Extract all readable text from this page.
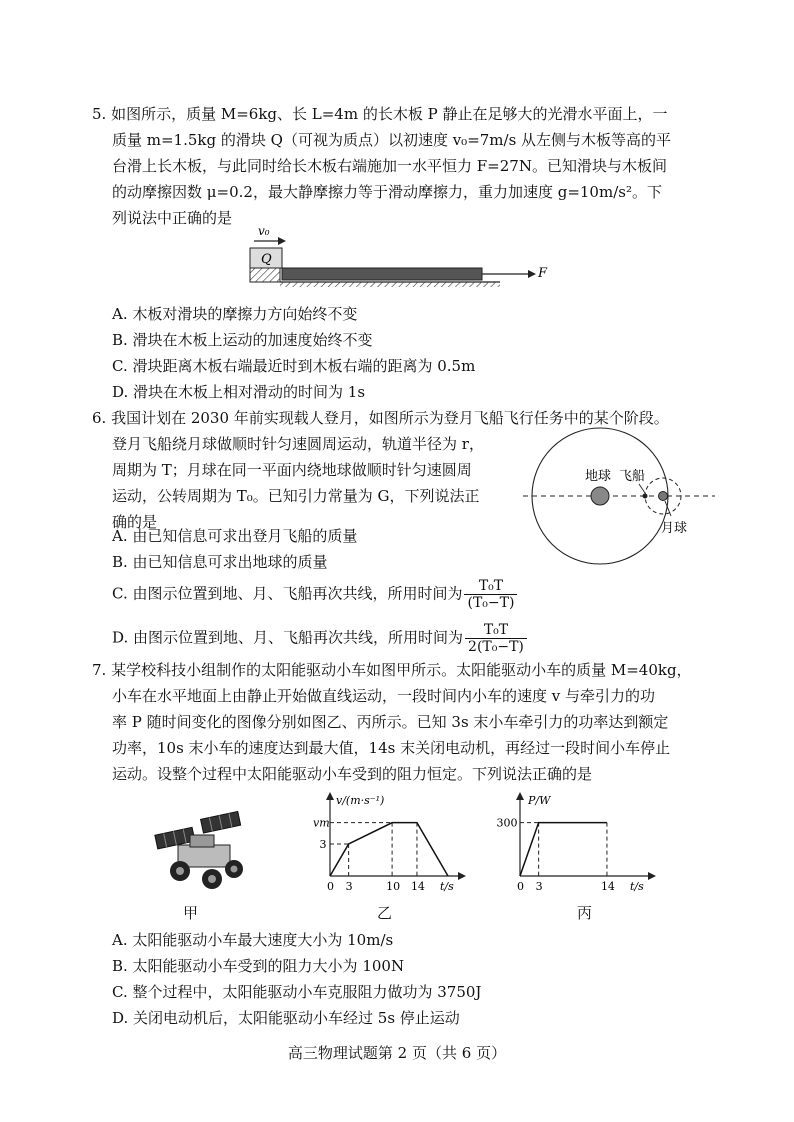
5. 如图所示，质量 M=6kg、长 L=4m 的长木板 P 静止在足够大的光滑水平面上，一
质量 m=1.5kg 的滑块 Q（可视为质点）以初速度 v₀=7m/s 从左侧与木板等高的平
台滑上长木板，与此同时给长木板右端施加一水平恒力 F=27N。已知滑块与木板间
的动摩擦因数 μ=0.2，最大静摩擦力等于滑动摩擦力，重力加速度 g=10m/s²。下
列说法中正确的是
Q
v₀
F
A. 木板对滑块的摩擦力方向始终不变
B. 滑块在木板上运动的加速度始终不变
C. 滑块距离木板右端最近时到木板右端的距离为 0.5m
D. 滑块在木板上相对滑动的时间为 1s
6. 我国计划在 2030 年前实现载人登月，如图所示为登月飞船飞行任务中的某个阶段。
登月飞船绕月球做顺时针匀速圆周运动，轨道半径为 r，
周期为 T；月球在同一平面内绕地球做顺时针匀速圆周
运动，公转周期为 T₀。已知引力常量为 G，下列说法正
确的是
地球 飞船
月球
A. 由已知信息可求出登月飞船的质量
B. 由已知信息可求出地球的质量
C. 由图示位置到地、月、飞船再次共线，所用时间为 $\frac{\text{T₀T}}{\text{(T₀−T)}}$
D. 由图示位置到地、月、飞船再次共线，所用时间为 $\frac{\text{T₀T}}{\text{2(T₀−T)}}$
7. 某学校科技小组制作的太阳能驱动小车如图甲所示。太阳能驱动小车的质量 M=40kg，
小车在水平地面上由静止开始做直线运动，一段时间内小车的速度 v 与牵引力的功
率 P 随时间变化的图像分别如图乙、丙所示。已知 3s 末小车牵引力的功率达到额定
功率，10s 末小车的速度达到最大值，14s 末关闭电动机，再经过一段时间小车停止
运动。设整个过程中太阳能驱动小车受到的阻力恒定。下列说法正确的是
甲
v/(m·s⁻¹)
t/s
0 3	10 14
3
vm
乙
P/W
t/s
0 3	14
300
丙
A. 太阳能驱动小车最大速度大小为 10m/s
B. 太阳能驱动小车受到的阻力大小为 100N
C. 整个过程中，太阳能驱动小车克服阻力做功为 3750J
D. 关闭电动机后，太阳能驱动小车经过 5s 停止运动
高三物理试题第 2 页（共 6 页）
